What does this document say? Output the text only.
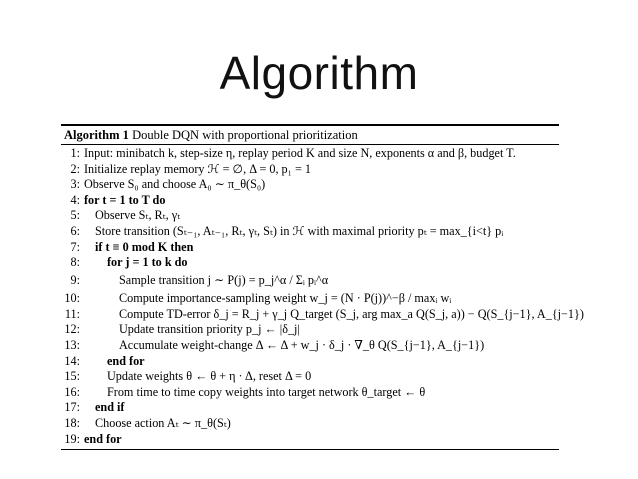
Algorithm
Algorithm 1 Double DQN with proportional prioritization
1: Input: minibatch k, step-size η, replay period K and size N, exponents α and β, budget T.
2: Initialize replay memory ℋ = ∅, Δ = 0, p₁ = 1
3: Observe S₀ and choose A₀ ∼ π_θ(S₀)
4: for t = 1 to T do
5: Observe Sₜ, Rₜ, γₜ
6: Store transition (Sₜ₋₁, Aₜ₋₁, Rₜ, γₜ, Sₜ) in ℋ with maximal priority pₜ = max_{i<t} pᵢ
7: if t ≡ 0 mod K then
8: for j = 1 to k do
9:	Sample transition j ∼ P(j) = p_j^α / Σᵢ pᵢ^α
10:	Compute importance-sampling weight w_j = (N · P(j))^−β / maxᵢ wᵢ
11:	Compute TD-error δ_j = R_j + γ_j Q_target (S_j, arg max_a Q(S_j, a)) − Q(S_{j−1}, A_{j−1})
12:	Update transition priority p_j ← |δ_j|
13:	Accumulate weight-change Δ ← Δ + w_j · δ_j · ∇_θ Q(S_{j−1}, A_{j−1})
14: end for
15: Update weights θ ← θ + η · Δ, reset Δ = 0
16: From time to time copy weights into target network θ_target ← θ
17: end if
18: Choose action Aₜ ∼ π_θ(Sₜ)
19: end for
